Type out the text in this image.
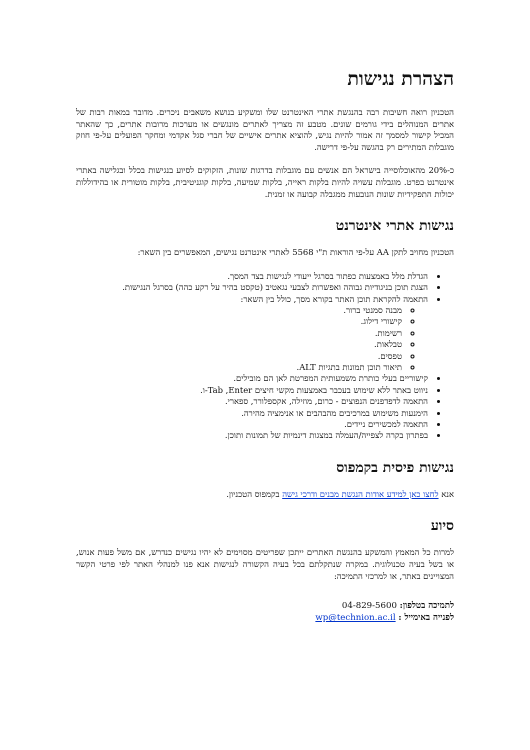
הצהרת נגישות

הטכניון רואה חשיבות רבה בהנגשת אתרי האינטרנט שלו ומשקיע בנושא משאבים ניכרים. מדובר במאות רבות של אתרים המנוהלים בידי גורמים שונים. מטבע זה מצריך לאתרים מונגשים או מערכות מרובות אתרים, כך שהאתר המכיל קישור למסמך זה אמור להיות נגיש, להוציא אתרים אישיים של חברי סגל אקדמי ומחקר הפועלים על-פי חוזק מוגבלות המתירים רק בהגשה על-פי דרישה.

כ-20% מהאוכלוסייה בישראל הם אנשים עם מוגבלות בדרגות שונות, הזקוקים לסיוע בנגישות בכלל ובגלישה באתרי אינטרנט בפרט. מוגבלות עשויה להיות בלקות ראייה, בלקות שמיעה, בלקות קוגניטיבית, בלקות מוטורית או בהידוללות יכולות התפקידיות שונות הנובעות ממגבלה קבועה או זמנית.

נגישות אתרי אינטרנט

הטכניון מחויב לתקן AA על-פי הוראות ת"י 5568 לאתרי אינטרנט נגישים, המאפשרים בין השאר:

• הגדלת מלל באמצעות כפתור בסרגל ייעודי לנגישות בצד המסך.
• הצגת תוכן בניגודיות גבוהה ואפשרות לצבעי נגאטיב (טקסט בהיר על רקע כהה) בסרגל הנגישות.
• התאמה להקראת תוכן האתר בקורא מסך, כולל בין השאר:
◦ מבנה סמנטי ברור.
◦ קישורי דילוג.
◦ רשימות.
◦ טבלאות.
◦ טפסים.
◦ תיאור תוכן תמונות בתגיות ALT.
• קישוריים בעלי כותרת משמעותית המפרטת לאן הם מובילים.
• ניווט באתר ללא שימוש בעכבר באמצעות מקשי חיצים Tab ,Enter-ו.
• התאמה לדפדפנים הנפוצים - כרום, מוזילה, אקספלורר, ספארי.
• הימנעות משימוש במרכיבים מהבהבים או אנימציה מהירה.
• התאמה למכשירים ניידים.
• בפתרון בקרה לצפייה/העמלה במצגות דינמיות של תמונות ותוכן.
נגישות פיסית בקמפוס

אנא לחצו כאן למידע אודות הנגשת מבנים ודרכי גישה בקמפוס הטכניון.

סיוע

למרות כל המאמץ והמשקע בהנגשת האתרים ייתכן שפריטים מסוימים לא יהיו נגישים כנדרש, אם משל פעות אנוש, או בשל בעיה טכנולוגית. במקרה שנתקלתם בכל בעיה הקשורה לנגישות אנא פנו למנהלי האתר לפי פרטי הקשר המצויינים באתר, או למרכזי התמיכה:

לתמיכה בטלפון: 04-829-5600
לפנייה באימייל : wp@technion.ac.il
